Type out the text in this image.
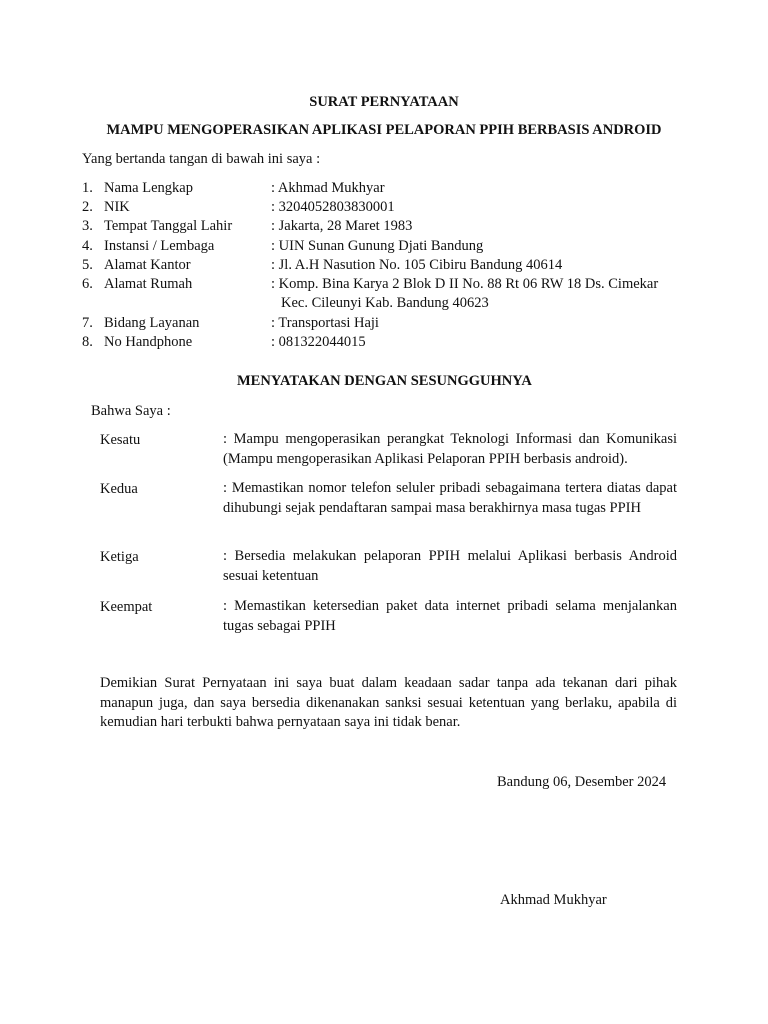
SURAT PERNYATAAN
MAMPU MENGOPERASIKAN APLIKASI PELAPORAN PPIH BERBASIS ANDROID
Yang bertanda tangan di bawah ini saya :
1. Nama Lengkap	: Akhmad Mukhyar
2. NIK	: 3204052803830001
3. Tempat Tanggal Lahir	: Jakarta, 28 Maret 1983
4. Instansi / Lembaga	: UIN Sunan Gunung Djati Bandung
5. Alamat Kantor	: Jl. A.H Nasution No. 105 Cibiru Bandung 40614
6. Alamat Rumah	: Komp. Bina Karya 2 Blok D II No. 88 Rt 06 RW 18 Ds. Cimekar
Kec. Cileunyi Kab. Bandung 40623
7. Bidang Layanan	: Transportasi Haji
8. No Handphone	: 081322044015
MENYATAKAN DENGAN SESUNGGUHNYA
Bahwa Saya :
Kesatu	: Mampu mengoperasikan perangkat Teknologi Informasi dan Komunikasi (Mampu mengoperasikan Aplikasi Pelaporan PPIH berbasis android).
Kedua	: Memastikan nomor telefon seluler pribadi sebagaimana tertera diatas dapat dihubungi sejak pendaftaran sampai masa berakhirnya masa tugas PPIH
Ketiga	: Bersedia melakukan pelaporan PPIH melalui Aplikasi berbasis Android sesuai ketentuan
Keempat	: Memastikan ketersedian paket data internet pribadi selama menjalankan tugas sebagai PPIH
Demikian Surat Pernyataan ini saya buat dalam keadaan sadar tanpa ada tekanan dari pihak manapun juga, dan saya bersedia dikenanakan sanksi sesuai ketentuan yang berlaku, apabila di kemudian hari terbukti bahwa pernyataan saya ini tidak benar.
Bandung 06, Desember 2024
Akhmad Mukhyar
